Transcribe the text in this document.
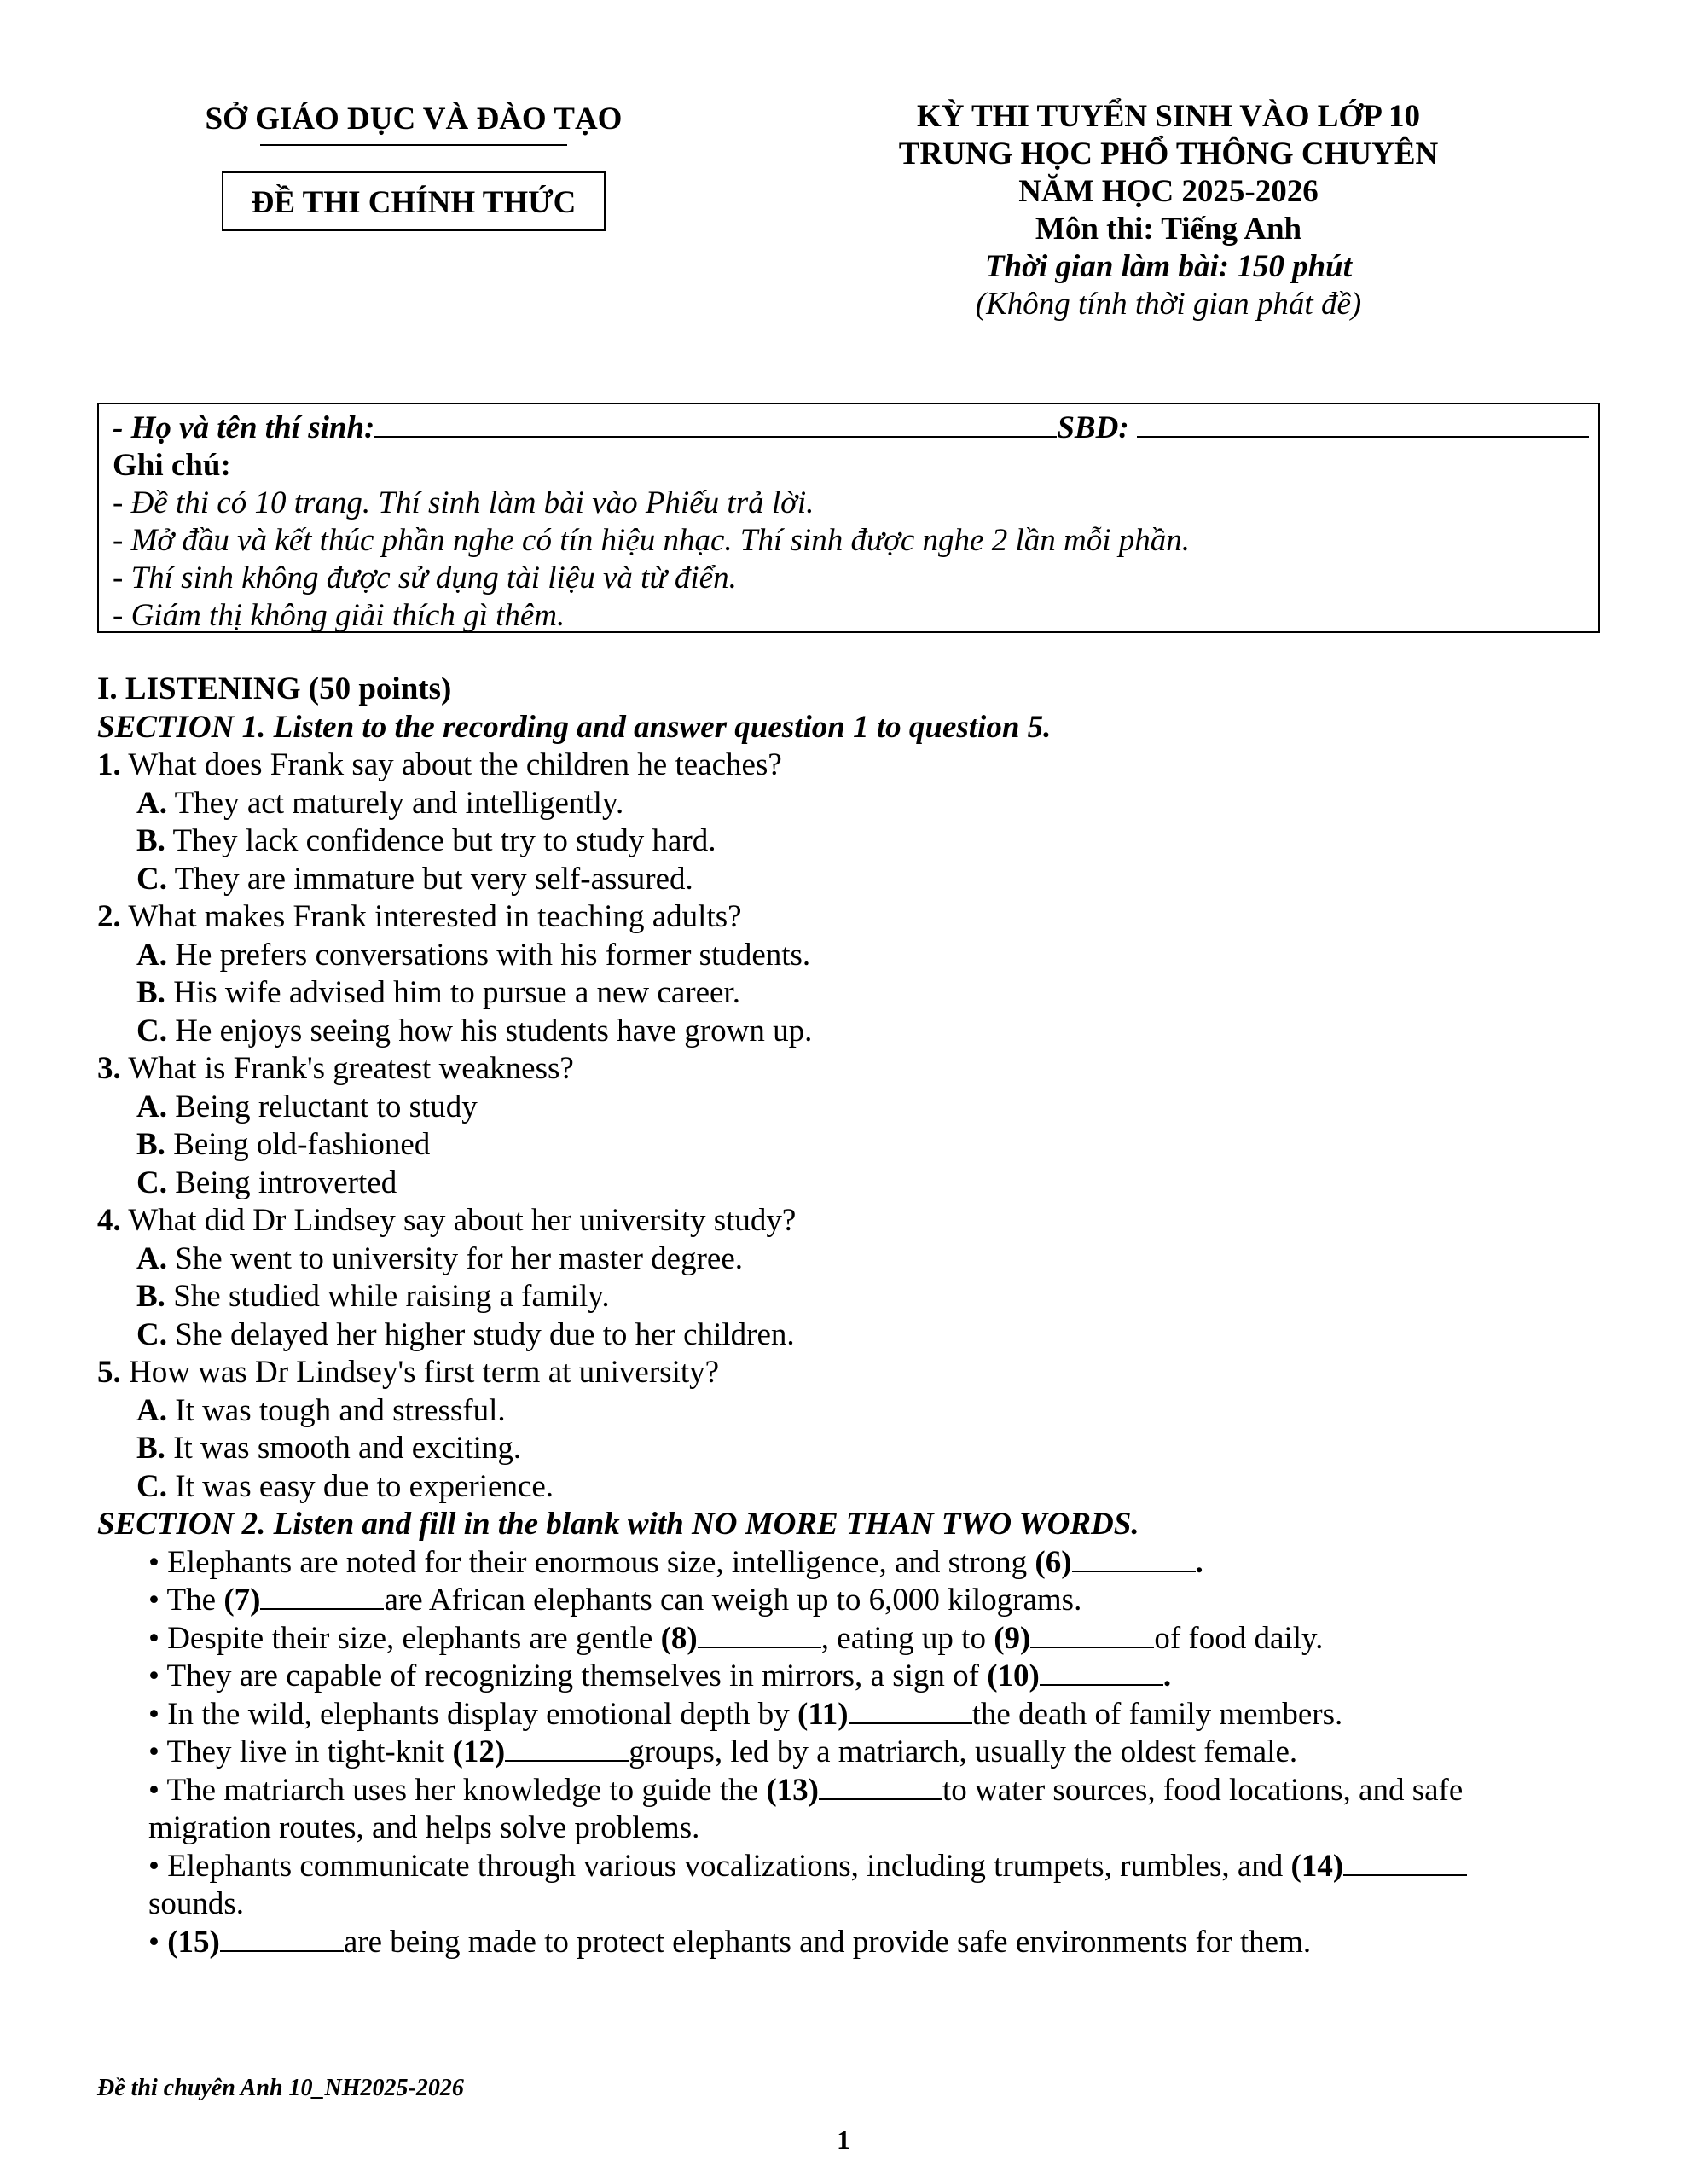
SỞ GIÁO DỤC VÀ ĐÀO TẠO
ĐỀ THI CHÍNH THỨC
KỲ THI TUYỂN SINH VÀO LỚP 10
TRUNG HỌC PHỔ THÔNG CHUYÊN
NĂM HỌC 2025-2026
Môn thi: Tiếng Anh
Thời gian làm bài: 150 phút
(Không tính thời gian phát đề)
- Họ và tên thí sinh:	SBD:
Ghi chú:
- Đề thi có 10 trang. Thí sinh làm bài vào Phiếu trả lời.
- Mở đầu và kết thúc phần nghe có tín hiệu nhạc. Thí sinh được nghe 2 lần mỗi phần.
- Thí sinh không được sử dụng tài liệu và từ điển.
- Giám thị không giải thích gì thêm.
I. LISTENING (50 points)
SECTION 1. Listen to the recording and answer question 1 to question 5.
1. What does Frank say about the children he teaches?
A. They act maturely and intelligently.
B. They lack confidence but try to study hard.
C. They are immature but very self-assured.
2. What makes Frank interested in teaching adults?
A. He prefers conversations with his former students.
B. His wife advised him to pursue a new career.
C. He enjoys seeing how his students have grown up.
3. What is Frank's greatest weakness?
A. Being reluctant to study
B. Being old-fashioned
C. Being introverted
4. What did Dr Lindsey say about her university study?
A. She went to university for her master degree.
B. She studied while raising a family.
C. She delayed her higher study due to her children.
5. How was Dr Lindsey's first term at university?
A. It was tough and stressful.
B. It was smooth and exciting.
C. It was easy due to experience.
SECTION 2. Listen and fill in the blank with NO MORE THAN TWO WORDS.
• Elephants are noted for their enormous size, intelligence, and strong (6)	.
• The (7)	are African elephants can weigh up to 6,000 kilograms.
• Despite their size, elephants are gentle (8)	, eating up to (9)	of food daily.
• They are capable of recognizing themselves in mirrors, a sign of (10)	.
• In the wild, elephants display emotional depth by (11)	the death of family members.
• They live in tight-knit (12)	groups, led by a matriarch, usually the oldest female.
• The matriarch uses her knowledge to guide the (13)	to water sources, food locations, and safe migration routes, and helps solve problems.
• Elephants communicate through various vocalizations, including trumpets, rumbles, and (14) sounds.
• (15)	are being made to protect elephants and provide safe environments for them.
Đề thi chuyên Anh 10_NH2025-2026
1
